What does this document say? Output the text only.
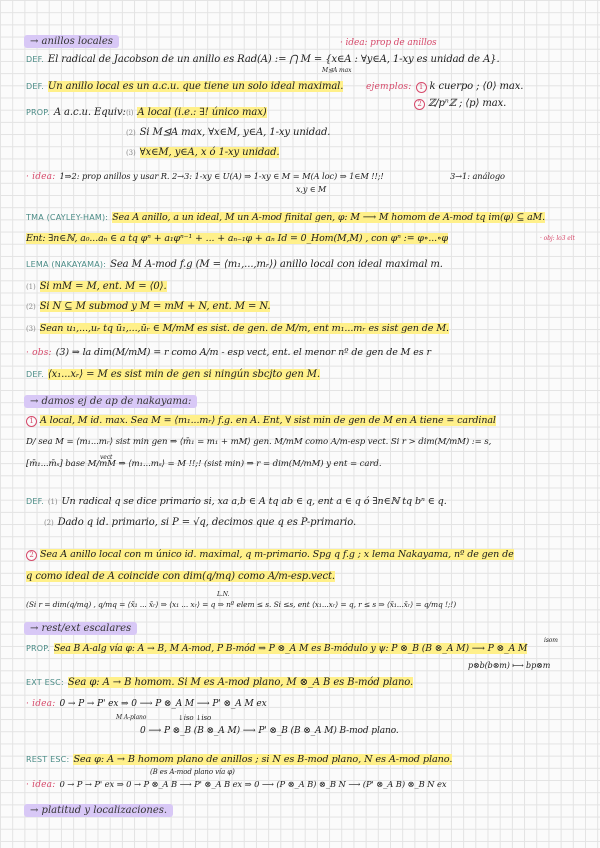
→ anillos locales
DEF. El radical de Jacobson de un anillo es Rad(A) := ⋂ M = {x∈A : ∀y∈A, 1-xy es unidad de A}.
· idea: prop de anillos
M⊴A max
DEF. Un anillo local es un a.c.u. que tiene un solo ideal maximal.	ejemplos: 1 k cuerpo ; ⟨0⟩ max.
2 ℤ/pⁿℤ ; ⟨p⟩ max.
PROP. A a.c.u. Equiv: (i) A local (i.e.: ∃! único max)
(2) Si M⊴A max, ∀x∈M, y∈A, 1-xy unidad.
(3) ∀x∈M, y∈A, x ó 1-xy unidad.
· idea: 1⇒2: prop anillos y usar R. 2→3: 1-xy ∈ U(A) ⇒ 1-xy ∈ M = M(A loc) ⇒ 1∈M !!;!
x,y ∈ M
3→1: análogo
TMA (CAYLEY-HAM): Sea A anillo, a un ideal, M un A-mod finital gen, φ: M ⟶ M homom de A-mod tq im(φ) ⊆ aM.
Ent: ∃n∈ℕ, a₀...aₙ ∈ a tq φⁿ + a₁φⁿ⁻¹ + ... + aₙ₋₁φ + aₙ Id = 0_Hom(M,M) , con φⁿ := φ∘...∘φ	· obj: lo3 elt
LEMA (NAKAYAMA): Sea M A-mod f.g (M = ⟨m₁,...,mᵣ⟩) anillo local con ideal maximal m.
(1) Si mM = M, ent. M = ⟨0⟩.
(2) Si N ⊆ M submod y M = mM + N, ent. M = N.
(3) Sean u₁,...,uᵣ tq ū₁,...,ūᵣ ∈ M/mM es sist. de gen. de M/m, ent m₁...mᵣ es sist gen de M.
· obs: (3) ⇒ la dim(M/mM) = r como A/m - esp vect, ent. el menor nº de gen de M es r
DEF. ⟨x₁...xᵣ⟩ = M es sist min de gen si ningún sbcjto gen M.
→ damos ej de ap de nakayama:
1 A local, M id. max. Sea M = ⟨m₁...mᵣ⟩ f.g. en A. Ent, ∀ sist min de gen de M en A tiene = cardinal
D/ sea M = ⟨m₁...mᵣ⟩ sist min gen ⇒ ⟨m̄₁ = m₁ + mM⟩ gen. M/mM como A/m-esp vect. Si r > dim(M/mM) := s,
vect
[m̄₁...m̄ₛ] base M/mM ⇒ ⟨m₁...mₛ⟩ = M !!;! (sist min) ⇒ r = dim(M/mM) y ent = card.
DEF. (1) Un radical q se dice primario si, xa a,b ∈ A tq ab ∈ q, ent a ∈ q ó ∃n∈ℕ tq bⁿ ∈ q.
(2) Dado q id. primario, si P = √q, decimos que q es P-primario.
2 Sea A anillo local con m único id. maximal, q m-primario. Spg q f.g ; x lema Nakayama, nº de gen de
q como ideal de A coincide con dim(q/mq) como A/m-esp.vect.
L.N.
(Si r = dim(q/mq) , q/mq = ⟨x̄₁ ... x̄ᵣ⟩ ⇒ ⟨x₁ ... xᵣ⟩ = q ⇒ nº elem ≤ s. Si ≤s, ent ⟨x₁...xᵣ⟩ = q, r ≤ s ⇒ ⟨x̄₁...x̄ᵣ⟩ = q/mq !;!)
→ rest/ext escalares
PROP. Sea B A-alg vía φ: A → B, M A-mod, P B-mód ⇒ P ⊗_A M es B-módulo y ψ: P ⊗_B (B ⊗_A M) ⟶ P ⊗_A M
isom
p⊗b(b⊗m) ⟼ bp⊗m
EXT ESC: Sea φ: A → B homom. Si M es A-mod plano, M ⊗_A B es B-mód plano.
· idea: 0 → P → P' ex ⇒ 0 ⟶ P ⊗_A M ⟶ P' ⊗_A M ex
M A-plano	↓iso ↓iso
0 ⟶ P ⊗_B (B ⊗_A M) ⟶ P' ⊗_B (B ⊗_A M) B-mod plano.
REST ESC: Sea φ: A → B homom plano de anillos ; si N es B-mod plano, N es A-mod plano.
(B es A-mod plano vía φ)
· idea: 0 → P → P' ex ⇒ 0 → P ⊗_A B ⟶ P' ⊗_A B ex ⇒ 0 ⟶ (P ⊗_A B) ⊗_B N ⟶ (P' ⊗_A B) ⊗_B N ex
→ platitud y localizaciones.
